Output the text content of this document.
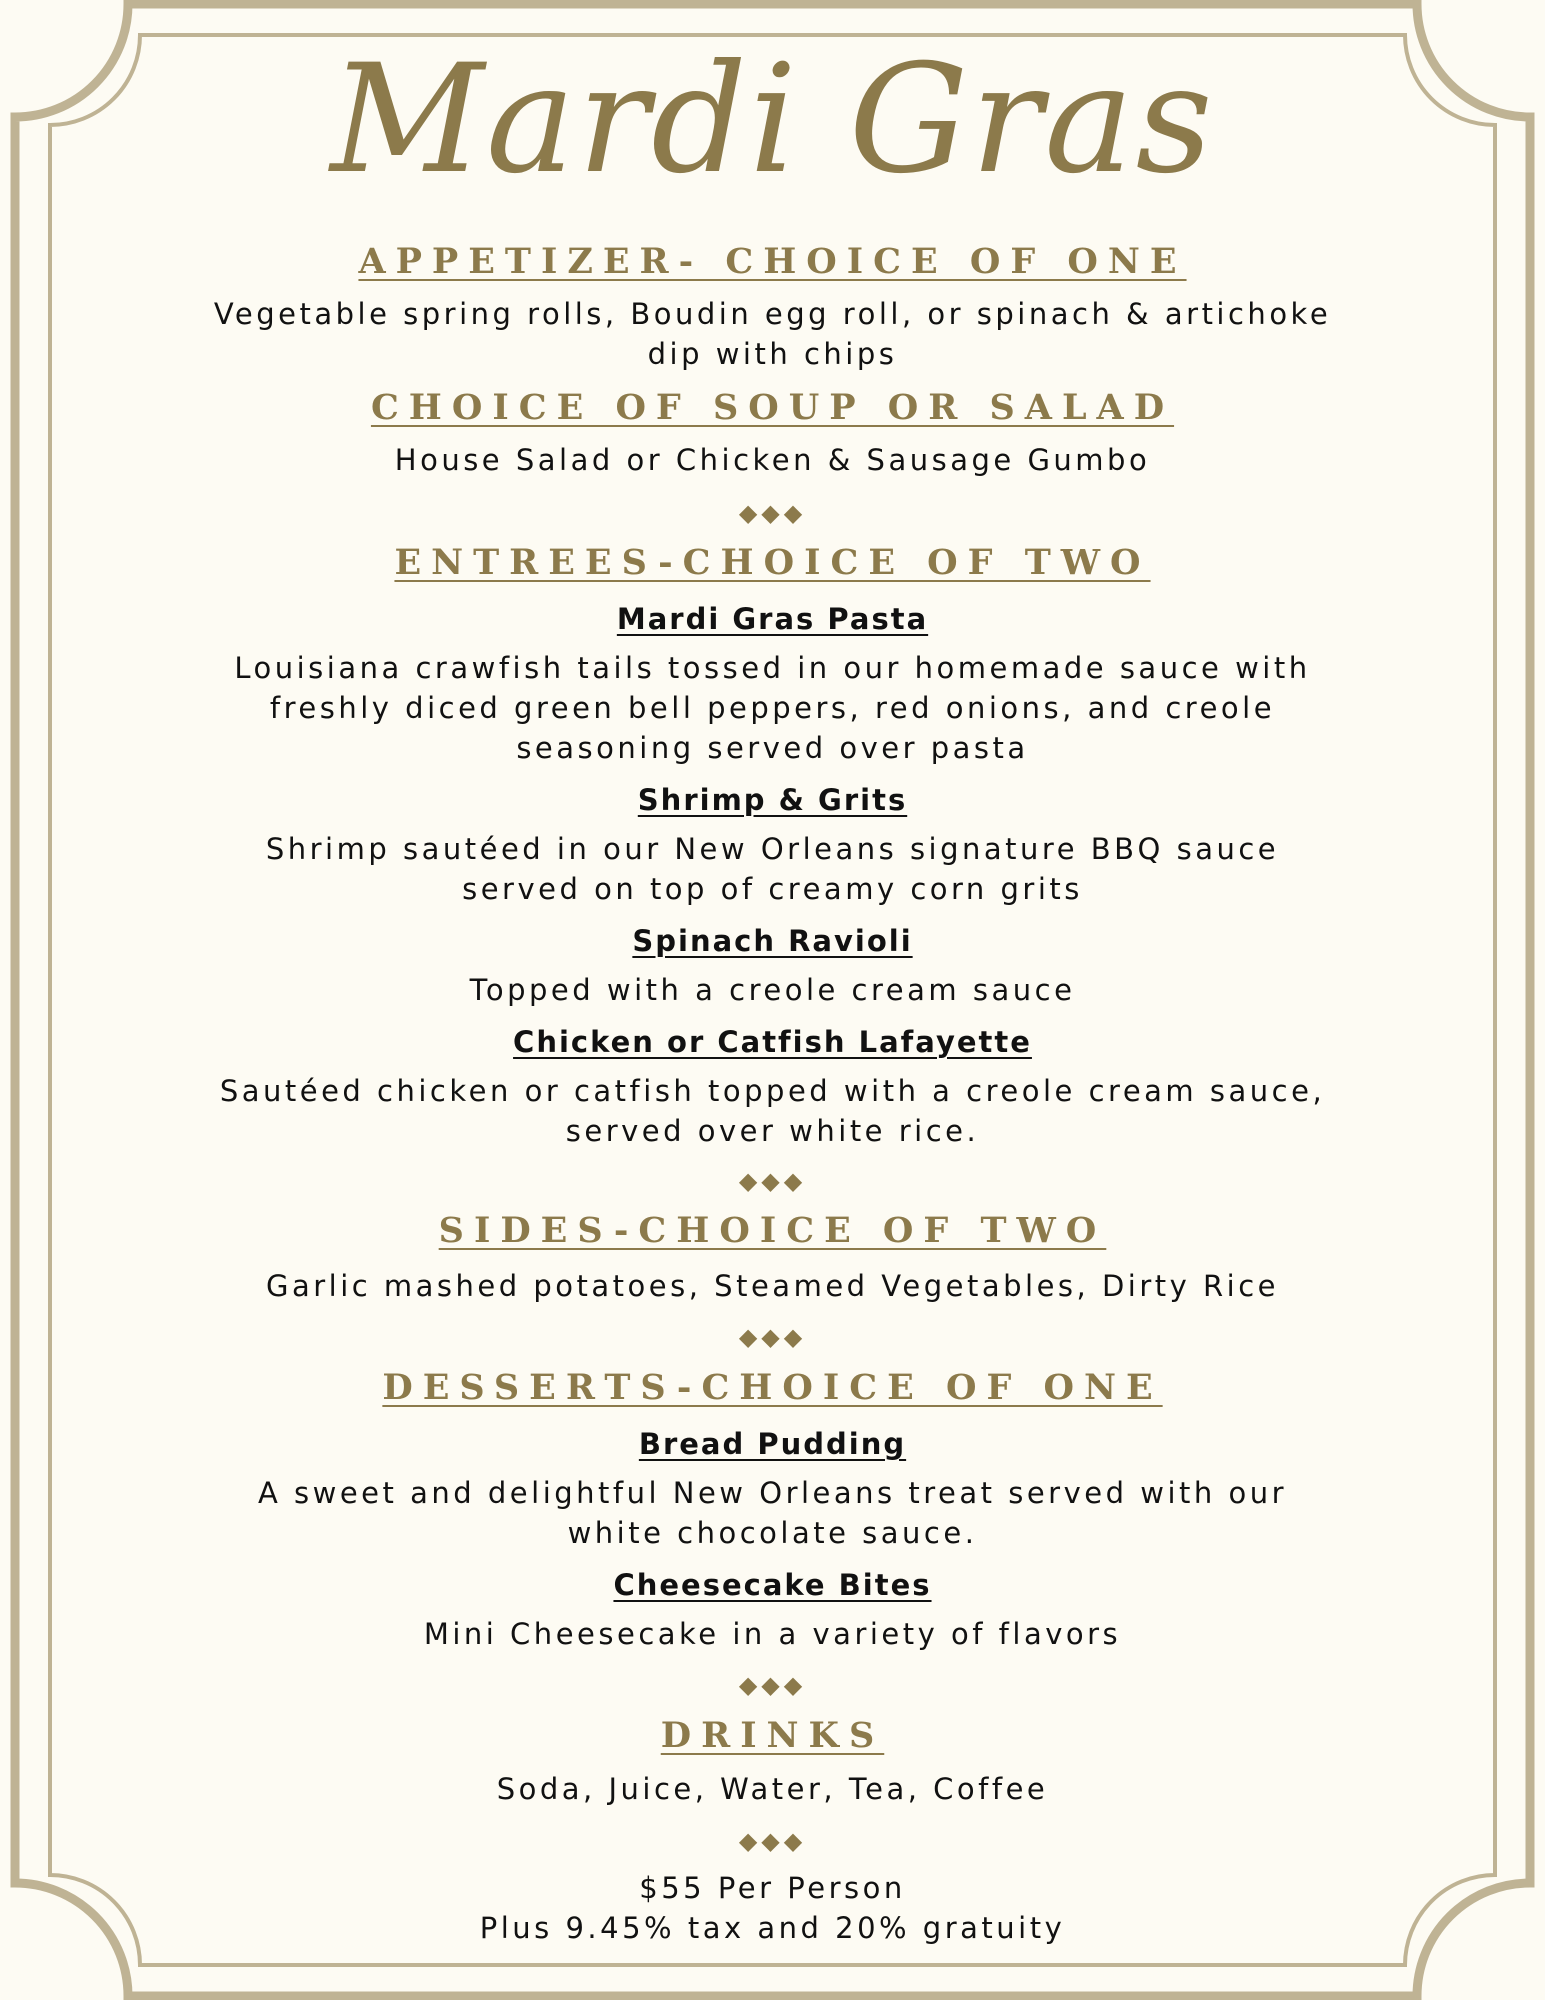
Mardi Gras
APPETIZER- CHOICE OF ONE
Vegetable spring rolls, Boudin egg roll, or spinach & artichoke
dip with chips
CHOICE OF SOUP OR SALAD
House Salad or Chicken & Sausage Gumbo
◆◆◆
ENTREES-CHOICE OF TWO
Mardi Gras Pasta
Louisiana crawfish tails tossed in our homemade sauce with
freshly diced green bell peppers, red onions, and creole
seasoning served over pasta
Shrimp & Grits
Shrimp sautéed in our New Orleans signature BBQ sauce
served on top of creamy corn grits
Spinach Ravioli
Topped with a creole cream sauce
Chicken or Catfish Lafayette
Sautéed chicken or catfish topped with a creole cream sauce,
served over white rice.
◆◆◆
SIDES-CHOICE OF TWO
Garlic mashed potatoes, Steamed Vegetables, Dirty Rice
◆◆◆
DESSERTS-CHOICE OF ONE
Bread Pudding
A sweet and delightful New Orleans treat served with our
white chocolate sauce.
Cheesecake Bites
Mini Cheesecake in a variety of flavors
◆◆◆
DRINKS
Soda, Juice, Water, Tea, Coffee
◆◆◆
$55 Per Person
Plus 9.45% tax and 20% gratuity
